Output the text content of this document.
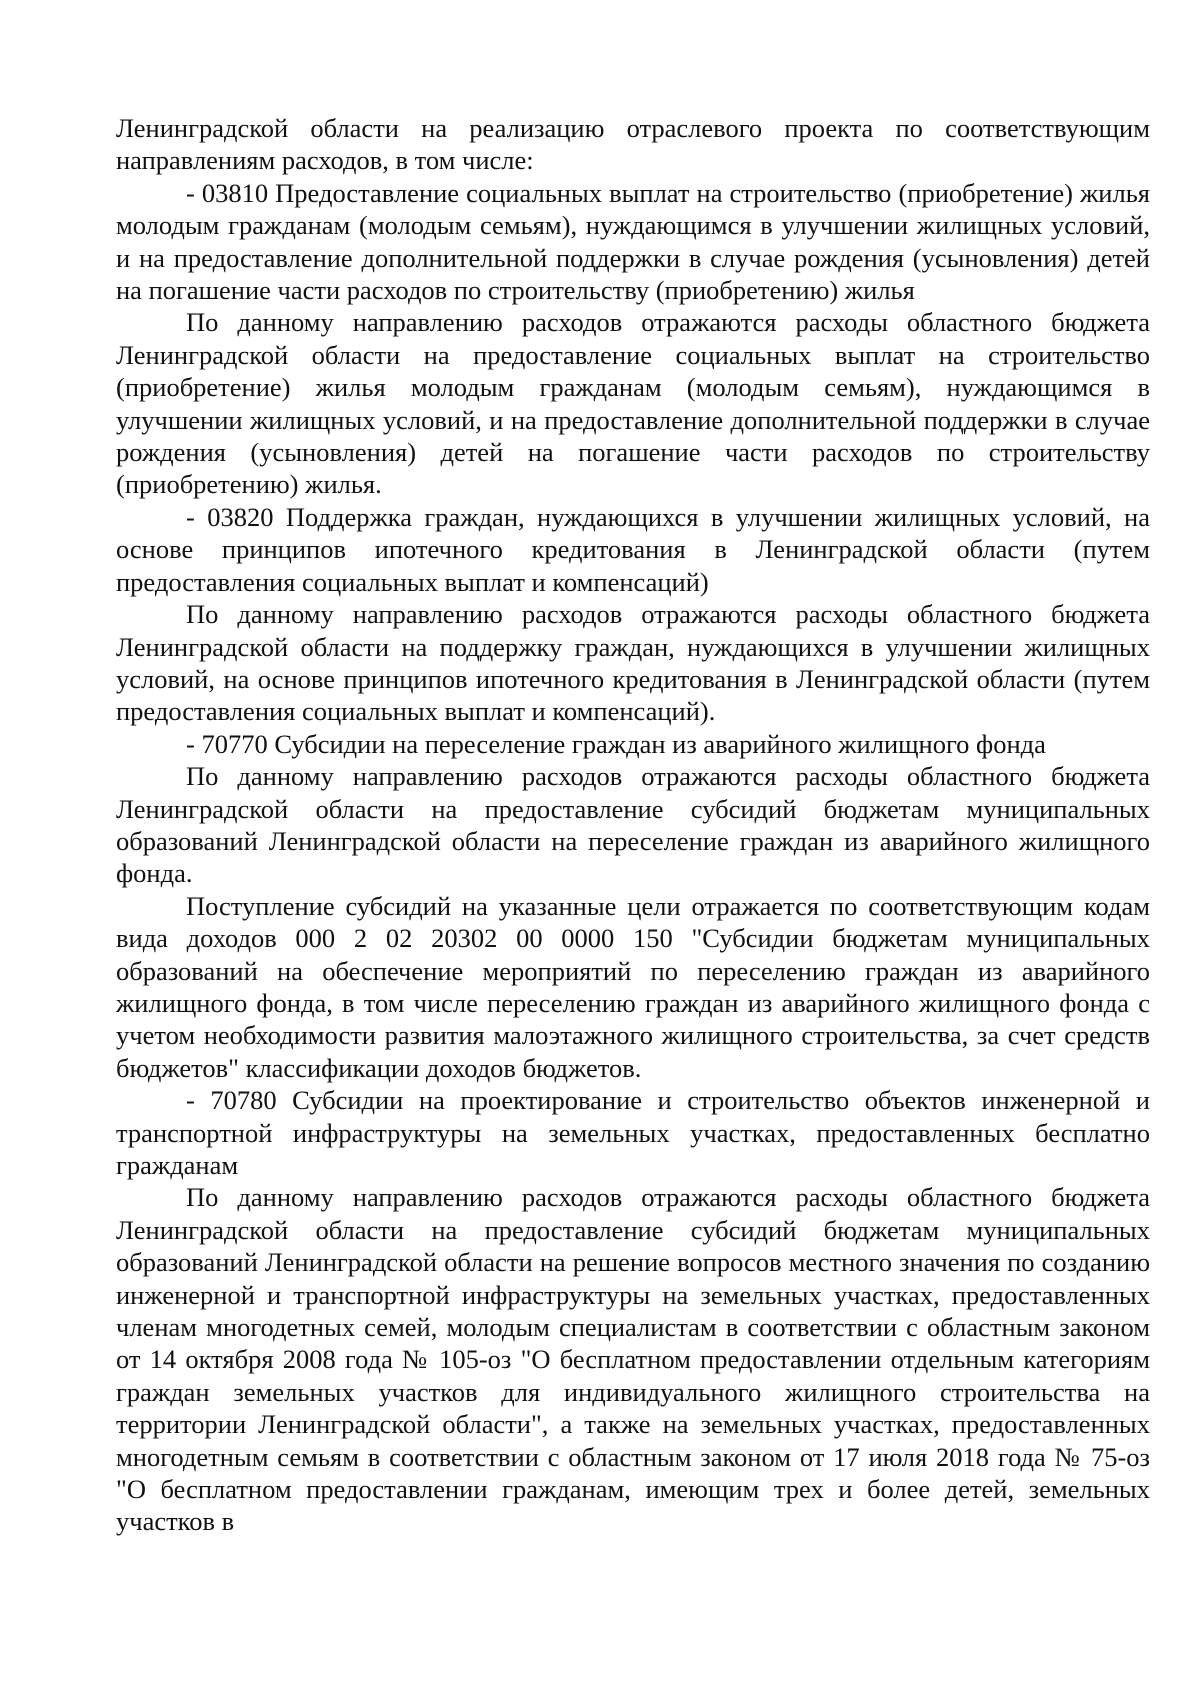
Ленинградской области на реализацию отраслевого проекта по соответствующим направлениям расходов, в том числе:

- 03810 Предоставление социальных выплат на строительство (приобретение) жилья молодым гражданам (молодым семьям), нуждающимся в улучшении жилищных условий, и на предоставление дополнительной поддержки в случае рождения (усыновления) детей на погашение части расходов по строительству (приобретению) жилья

По данному направлению расходов отражаются расходы областного бюджета Ленинградской области на предоставление социальных выплат на строительство (приобретение) жилья молодым гражданам (молодым семьям), нуждающимся в улучшении жилищных условий, и на предоставление дополнительной поддержки в случае рождения (усыновления) детей на погашение части расходов по строительству (приобретению) жилья.

- 03820 Поддержка граждан, нуждающихся в улучшении жилищных условий, на основе принципов ипотечного кредитования в Ленинградской области (путем предоставления социальных выплат и компенсаций)

По данному направлению расходов отражаются расходы областного бюджета Ленинградской области на поддержку граждан, нуждающихся в улучшении жилищных условий, на основе принципов ипотечного кредитования в Ленинградской области (путем предоставления социальных выплат и компенсаций).

- 70770 Субсидии на переселение граждан из аварийного жилищного фонда

По данному направлению расходов отражаются расходы областного бюджета Ленинградской области на предоставление субсидий бюджетам муниципальных образований Ленинградской области на переселение граждан из аварийного жилищного фонда.

Поступление субсидий на указанные цели отражается по соответствующим кодам вида доходов 000 2 02 20302 00 0000 150 "Субсидии бюджетам муниципальных образований на обеспечение мероприятий по переселению граждан из аварийного жилищного фонда, в том числе переселению граждан из аварийного жилищного фонда с учетом необходимости развития малоэтажного жилищного строительства, за счет средств бюджетов" классификации доходов бюджетов.

- 70780 Субсидии на проектирование и строительство объектов инженерной и транспортной инфраструктуры на земельных участках, предоставленных бесплатно гражданам

По данному направлению расходов отражаются расходы областного бюджета Ленинградской области на предоставление субсидий бюджетам муниципальных образований Ленинградской области на решение вопросов местного значения по созданию инженерной и транспортной инфраструктуры на земельных участках, предоставленных членам многодетных семей, молодым специалистам в соответствии с областным законом от 14 октября 2008 года № 105-оз "О бесплатном предоставлении отдельным категориям граждан земельных участков для индивидуального жилищного строительства на территории Ленинградской области", а также на земельных участках, предоставленных многодетным семьям в соответствии с областным законом от 17 июля 2018 года № 75-оз "О бесплатном предоставлении гражданам, имеющим трех и более детей, земельных участков в
